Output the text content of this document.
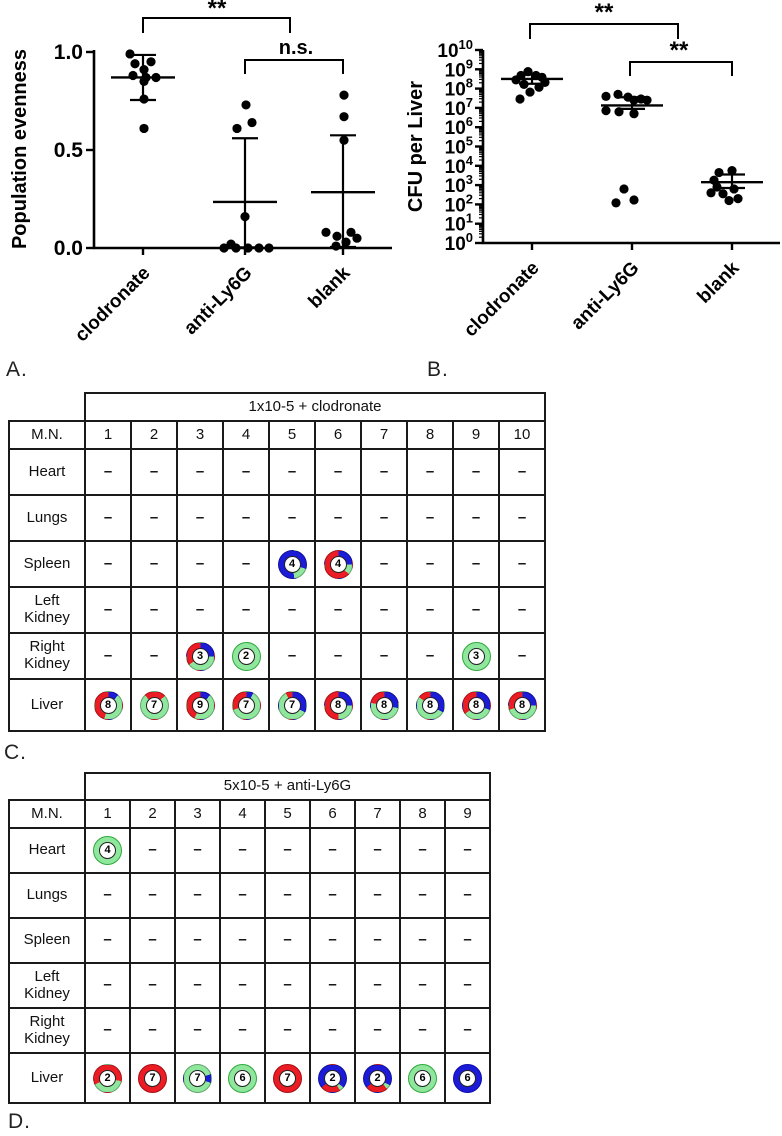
0.0
0.5
1.0
Population evenness
clodronate anti-Ly6G	blank
**
n.s.
$10^0$
$10^1$
$10^2$
$10^3$
$10^4$
$10^5$
$10^6$
$10^7$
$10^8$
$10^9$
$10^{10}$
CFU per Liver
clodronate anti-Ly6G	blank
**
**
A.	B.
C.
D.
	1x10-5 + clodronate									
M.N.	1	2	3	4	5	6	7	8	9	10
Heart	–	–	–	–	–	–	–	–	–	–
Lungs	–	–	–	–	–	–	–	–	–	–
Spleen	–	–	–	–	4	4	–	–	–	–
Left Kidney	–	–	–	–	–	–	–	–	–	–
Right Kidney	–	–	3	2	–	–	–	–	3	–
Liver	8	7	9	7	7	8	8	8	8	8
	5x10-5 + anti-Ly6G								
M.N.	1	2	3	4	5	6	7	8	9
Heart	4	–	–	–	–	–	–	–	–
Lungs	–	–	–	–	–	–	–	–	–
Spleen	–	–	–	–	–	–	–	–	–
Left Kidney	–	–	–	–	–	–	–	–	–
Right Kidney	–	–	–	–	–	–	–	–	–
Liver	2	7	7	6	7	2	2	6	6
